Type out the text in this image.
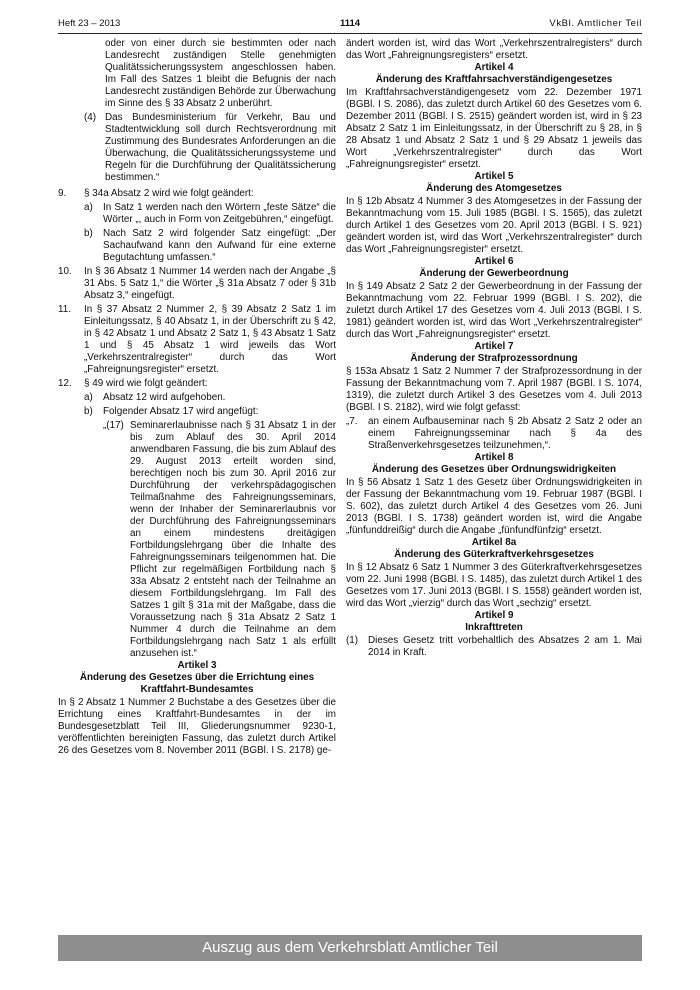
Heft 23 – 2013	1114	VkBl. Amtlicher Teil

oder von einer durch sie bestimmten oder nach Landesrecht zuständigen Stelle genehmigten Qualitätssicherungssystem angeschlossen haben. Im Fall des Satzes 1 bleibt die Befugnis der nach Landesrecht zuständigen Behörde zur Überwachung im Sinne des § 33 Absatz 2 unberührt.

(4) Das Bundesministerium für Verkehr, Bau und Stadtentwicklung soll durch Rechtsverordnung mit Zustimmung des Bundesrates Anforderungen an die Überwachung, die Qualitätssicherungssysteme und Regeln für die Durchführung der Qualitätssicherung bestimmen.“

9.	§ 34a Absatz 2 wird wie folgt geändert:

a)	In Satz 1 werden nach den Wörtern „feste Sätze“ die Wörter „, auch in Form von Zeitgebühren,“ eingefügt.

b)	Nach Satz 2 wird folgender Satz eingefügt: „Der Sachaufwand kann den Aufwand für eine externe Begutachtung umfassen.“

10.	In § 36 Absatz 1 Nummer 14 werden nach der Angabe „§ 31 Abs. 5 Satz 1,“ die Wörter „§ 31a Absatz 7 oder § 31b Absatz 3,“ eingefügt.

11.	In § 37 Absatz 2 Nummer 2, § 39 Absatz 2 Satz 1 im Einleitungssatz, § 40 Absatz 1, in der Überschrift zu § 42, in § 42 Absatz 1 und Absatz 2 Satz 1, § 43 Absatz 1 Satz 1 und § 45 Absatz 1 wird jeweils das Wort „Verkehrszentralregister“ durch das Wort „Fahreignungsregister“ ersetzt.

12.	§ 49 wird wie folgt geändert:

a)	Absatz 12 wird aufgehoben.

b)	Folgender Absatz 17 wird angefügt:

„(17) Seminarerlaubnisse nach § 31 Absatz 1 in der bis zum Ablauf des 30. April 2014 anwendbaren Fassung, die bis zum Ablauf des 29. August 2013 erteilt worden sind, berechtigen noch bis zum 30. April 2016 zur Durchführung der verkehrspädagogischen Teilmaßnahme des Fahreignungsseminars, wenn der Inhaber der Seminarerlaubnis vor der Durchführung des Fahreignungsseminars an einem mindestens dreitägigen Fortbildungslehrgang über die Inhalte des Fahreignungsseminars teilgenommen hat. Die Pflicht zur regelmäßigen Fortbildung nach § 33a Absatz 2 entsteht nach der Teilnahme an diesem Fortbildungslehrgang. Im Fall des Satzes 1 gilt § 31a mit der Maßgabe, dass die Voraussetzung nach § 31a Absatz 2 Satz 1 Nummer 4 durch die Teilnahme an dem Fortbildungslehrgang nach Satz 1 als erfüllt anzusehen ist.“

Artikel 3

Änderung des Gesetzes über die Errichtung eines Kraftfahrt-Bundesamtes

In § 2 Absatz 1 Nummer 2 Buchstabe a des Gesetzes über die Errichtung eines Kraftfahrt-Bundesamtes in der im Bundesgesetzblatt Teil III, Gliederungsnummer 9230-1, veröffentlichten bereinigten Fassung, das zuletzt durch Artikel 26 des Gesetzes vom 8. November 2011 (BGBl. I S. 2178) ge-

ändert worden ist, wird das Wort „Verkehrszentralregisters“ durch das Wort „Fahreignungsregisters“ ersetzt.

Artikel 4

Änderung des Kraftfahrsachverständigengesetzes

Im Kraftfahrsachverständigengesetz vom 22. Dezember 1971 (BGBl. I S. 2086), das zuletzt durch Artikel 60 des Gesetzes vom 6. Dezember 2011 (BGBl. I S. 2515) geändert worden ist, wird in § 23 Absatz 2 Satz 1 im Einleitungssatz, in der Überschrift zu § 28, in § 28 Absatz 1 und Absatz 2 Satz 1 und § 29 Absatz 1 jeweils das Wort „Verkehrszentralregister“ durch das Wort „Fahreignungsregister“ ersetzt.

Artikel 5

Änderung des Atomgesetzes

In § 12b Absatz 4 Nummer 3 des Atomgesetzes in der Fassung der Bekanntmachung vom 15. Juli 1985 (BGBl. I S. 1565), das zuletzt durch Artikel 1 des Gesetzes vom 20. April 2013 (BGBl. I S. 921) geändert worden ist, wird das Wort „Verkehrszentralregister“ durch das Wort „Fahreignungsregister“ ersetzt.

Artikel 6

Änderung der Gewerbeordnung

In § 149 Absatz 2 Satz 2 der Gewerbeordnung in der Fassung der Bekanntmachung vom 22. Februar 1999 (BGBl. I S. 202), die zuletzt durch Artikel 17 des Gesetzes vom 4. Juli 2013 (BGBl. I S. 1981) geändert worden ist, wird das Wort „Verkehrszentralregister“ durch das Wort „Fahreignungsregister“ ersetzt.

Artikel 7

Änderung der Strafprozessordnung

§ 153a Absatz 1 Satz 2 Nummer 7 der Strafprozessordnung in der Fassung der Bekanntmachung vom 7. April 1987 (BGBl. I S. 1074, 1319), die zuletzt durch Artikel 3 des Gesetzes vom 4. Juli 2013 (BGBl. I S. 2182), wird wie folgt gefasst:

„7.	an einem Aufbauseminar nach § 2b Absatz 2 Satz 2 oder an einem Fahreignungsseminar nach § 4a des Straßenverkehrsgesetzes teilzunehmen,“.

Artikel 8

Änderung des Gesetzes über Ordnungswidrigkeiten

In § 56 Absatz 1 Satz 1 des Gesetz über Ordnungswidrigkeiten in der Fassung der Bekanntmachung vom 19. Februar 1987 (BGBl. I S. 602), das zuletzt durch Artikel 4 des Gesetzes vom 26. Juni 2013 (BGBl. I S. 1738) geändert worden ist, wird die Angabe „fünfunddreißig“ durch die Angabe „fünfundfünfzig“ ersetzt.

Artikel 8a

Änderung des Güterkraftverkehrsgesetzes

In § 12 Absatz 6 Satz 1 Nummer 3 des Güterkraftverkehrsgesetzes vom 22. Juni 1998 (BGBl. I S. 1485), das zuletzt durch Artikel 1 des Gesetzes vom 17. Juni 2013 (BGBl. I S. 1558) geändert worden ist, wird das Wort „vierzig“ durch das Wort „sechzig“ ersetzt.

Artikel 9

Inkrafttreten

(1)	Dieses Gesetz tritt vorbehaltlich des Absatzes 2 am 1. Mai 2014 in Kraft.

Auszug aus dem Verkehrsblatt Amtlicher Teil
